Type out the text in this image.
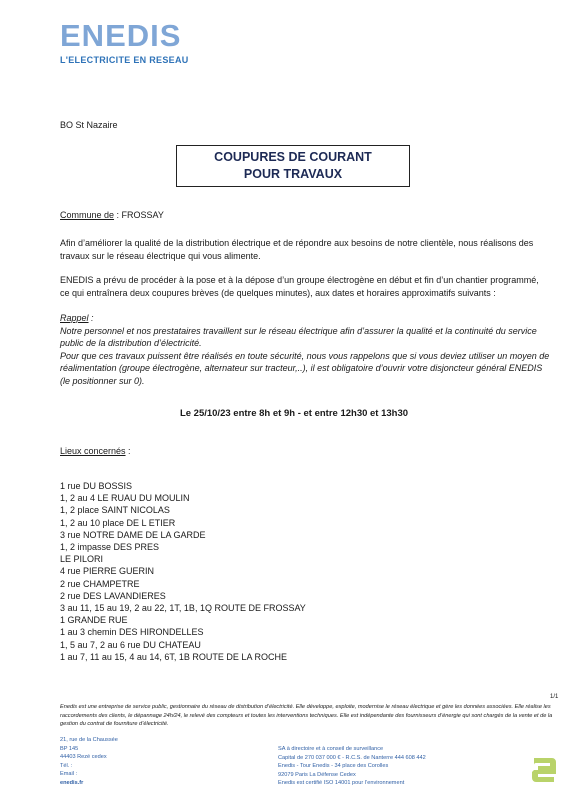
ENEDIS
L'ELECTRICITE EN RESEAU
BO St Nazaire
COUPURES DE COURANT
POUR TRAVAUX
Commune de : FROSSAY
Afin d’améliorer la qualité de la distribution électrique et de répondre aux besoins de notre clientèle, nous réalisons des travaux sur le réseau électrique qui vous alimente.
ENEDIS a prévu de procéder à la pose et à la dépose d’un groupe électrogène en début et fin d’un chantier programmé, ce qui entraînera deux coupures brèves (de quelques minutes), aux dates et horaires approximatifs suivants :
Rappel :
Notre personnel et nos prestataires travaillent sur le réseau électrique afin d’assurer la qualité et la continuité du service public de la distribution d’électricité.
Pour que ces travaux puissent être réalisés en toute sécurité, nous vous rappelons que si vous deviez utiliser un moyen de réalimentation (groupe électrogène, alternateur sur tracteur,..), il est obligatoire d’ouvrir votre disjoncteur général ENEDIS (le positionner sur 0).
Le 25/10/23 entre 8h et 9h - et entre 12h30 et 13h30
Lieux concernés :
1 rue DU BOSSIS
1, 2 au 4 LE RUAU DU MOULIN
1, 2 place SAINT NICOLAS
1, 2 au 10 place DE L ETIER
3 rue NOTRE DAME DE LA GARDE
1, 2 impasse DES PRES
LE PILORI
4 rue PIERRE GUERIN
2 rue CHAMPETRE
2 rue DES LAVANDIERES
3 au 11, 15 au 19, 2 au 22, 1T, 1B, 1Q ROUTE DE FROSSAY
1 GRANDE RUE
1 au 3 chemin DES HIRONDELLES
1, 5 au 7, 2 au 6 rue DU CHATEAU
1 au 7, 11 au 15, 4 au 14, 6T, 1B ROUTE DE LA ROCHE
1/1
Enedis est une entreprise de service public, gestionnaire du réseau de distribution d’électricité. Elle développe, exploite, modernise le réseau électrique et gère les données associées. Elle réalise les raccordements des clients, le dépannage 24h/24, le relevé des compteurs et toutes les interventions techniques. Elle est indépendante des fournisseurs d’énergie qui sont chargés de la vente et de la gestion du contrat de fourniture d’électricité.
21, rue de la Chaussée
BP 145
44403 Rezé cedex
Tél. :
Email :
enedis.fr
SA à directoire et à conseil de surveillance
Capital de 270 037 000 € - R.C.S. de Nanterre 444 608 442
Enedis - Tour Enedis - 34 place des Corolles
92079 Paris La Défense Cedex
Enedis est certifié ISO 14001 pour l’environnement
